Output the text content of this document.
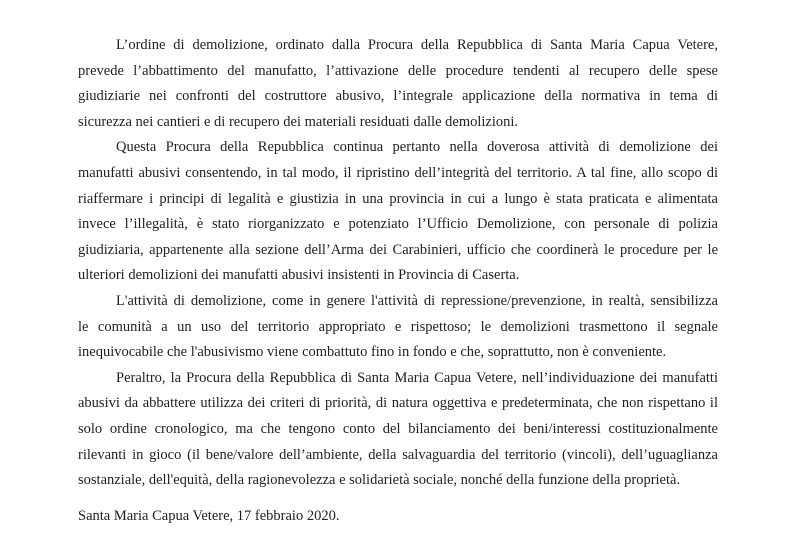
L’ordine di demolizione, ordinato dalla Procura della Repubblica di Santa Maria Capua Vetere,
prevede l’abbattimento del manufatto, l’attivazione delle procedure tendenti al recupero delle spese
giudiziarie nei confronti del costruttore abusivo, l’integrale applicazione della normativa in tema di
sicurezza nei cantieri e di recupero dei materiali residuati dalle demolizioni.
Questa Procura della Repubblica continua pertanto nella doverosa attività di demolizione dei
manufatti abusivi consentendo, in tal modo, il ripristino dell’integrità del territorio. A tal fine, allo scopo di
riaffermare i principi di legalità e giustizia in una provincia in cui a lungo è stata praticata e alimentata
invece l’illegalità, è stato riorganizzato e potenziato l’Ufficio Demolizione, con personale di polizia
giudiziaria, appartenente alla sezione dell’Arma dei Carabinieri, ufficio che coordinerà le procedure per le
ulteriori demolizioni dei manufatti abusivi insistenti in Provincia di Caserta.
L'attività di demolizione, come in genere l'attività di repressione/prevenzione, in realtà, sensibilizza
le comunità a un uso del territorio appropriato e rispettoso; le demolizioni trasmettono il segnale
inequivocabile che l'abusivismo viene combattuto fino in fondo e che, soprattutto, non è conveniente.
Peraltro, la Procura della Repubblica di Santa Maria Capua Vetere, nell’individuazione dei manufatti
abusivi da abbattere utilizza dei criteri di priorità, di natura oggettiva e predeterminata, che non rispettano il
solo ordine cronologico, ma che tengono conto del bilanciamento dei beni/interessi costituzionalmente
rilevanti in gioco (il bene/valore dell’ambiente, della salvaguardia del territorio (vincoli), dell’uguaglianza
sostanziale, dell'equità, della ragionevolezza e solidarietà sociale, nonché della funzione della proprietà.
Santa Maria Capua Vetere, 17 febbraio 2020.
